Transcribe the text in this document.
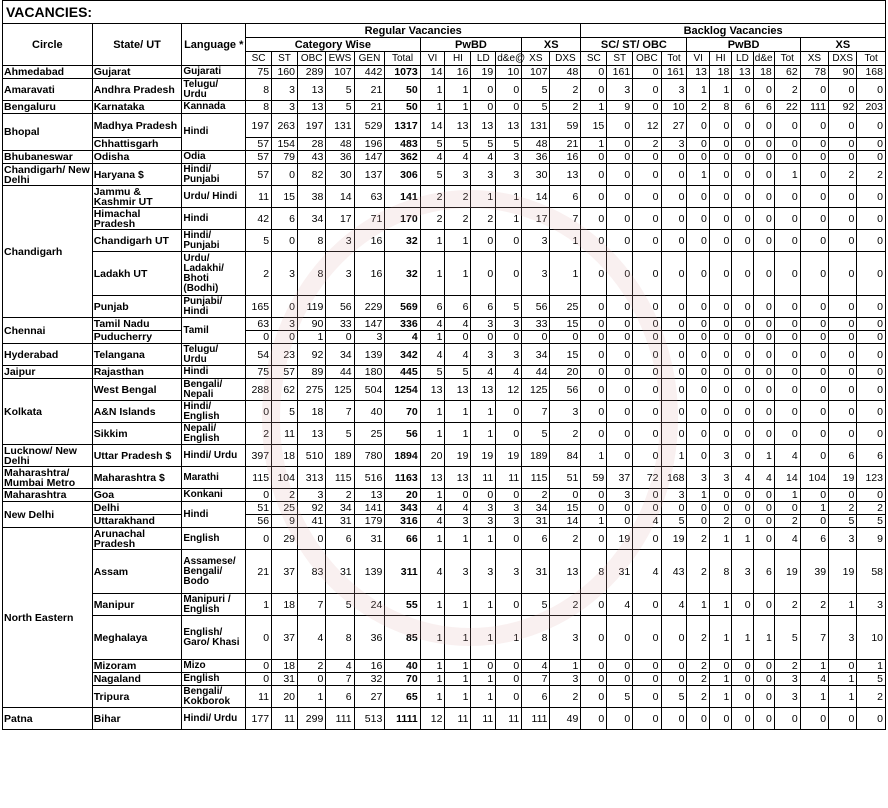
VACANCIES:
Circle	State/ UT	Language *	Regular Vacancies												Backlog Vacancies											
			Category Wise						PwBD				XS		SC/ ST/ OBC				PwBD					XS		
			SC	ST	OBC	EWS	GEN	Total	VI	HI	LD	d&e@	XS	DXS	SC	ST	OBC	Tot	VI	HI	LD	d&e	Tot	XS	DXS	Tot
Ahmedabad	Gujarat	Gujarati	75	160	289	107	442	1073	14	16	19	10	107	48	0	161	0	161	13	18	13	18	62	78	90	168
Amaravati	Andhra Pradesh	Telugu/ Urdu	8	3	13	5	21	50	1	1	0	0	5	2	0	3	0	3	1	1	0	0	2	0	0	0
Bengaluru	Karnataka	Kannada	8	3	13	5	21	50	1	1	0	0	5	2	1	9	0	10	2	8	6	6	22	111	92	203
Bhopal	Madhya Pradesh	Hindi	197	263	197	131	529	1317	14	13	13	13	131	59	15	0	12	27	0	0	0	0	0	0	0	0
	Chhattisgarh		57	154	28	48	196	483	5	5	5	5	48	21	1	0	2	3	0	0	0	0	0	0	0	0
Bhubaneswar	Odisha	Odia	57	79	43	36	147	362	4	4	4	3	36	16	0	0	0	0	0	0	0	0	0	0	0	0
Chandigarh/ New Delhi	Haryana $	Hindi/ Punjabi	57	0	82	30	137	306	5	3	3	3	30	13	0	0	0	0	1	0	0	0	1	0	2	2
Chandigarh	Jammu & Kashmir UT	Urdu/ Hindi	11	15	38	14	63	141	2	2	1	1	14	6	0	0	0	0	0	0	0	0	0	0	0	0
	Himachal Pradesh	Hindi	42	6	34	17	71	170	2	2	2	1	17	7	0	0	0	0	0	0	0	0	0	0	0	0
	Chandigarh UT	Hindi/ Punjabi	5	0	8	3	16	32	1	1	0	0	3	1	0	0	0	0	0	0	0	0	0	0	0	0
	Ladakh UT	Urdu/ Ladakhi/ Bhoti (Bodhi)	2	3	8	3	16	32	1	1	0	0	3	1	0	0	0	0	0	0	0	0	0	0	0	0
	Punjab	Punjabi/ Hindi	165	0	119	56	229	569	6	6	6	5	56	25	0	0	0	0	0	0	0	0	0	0	0	0
Chennai	Tamil Nadu	Tamil	63	3	90	33	147	336	4	4	3	3	33	15	0	0	0	0	0	0	0	0	0	0	0	0
	Puducherry		0	0	1	0	3	4	1	0	0	0	0	0	0	0	0	0	0	0	0	0	0	0	0	0
Hyderabad	Telangana	Telugu/ Urdu	54	23	92	34	139	342	4	4	3	3	34	15	0	0	0	0	0	0	0	0	0	0	0	0
Jaipur	Rajasthan	Hindi	75	57	89	44	180	445	5	5	4	4	44	20	0	0	0	0	0	0	0	0	0	0	0	0
Kolkata	West Bengal	Bengali/ Nepali	288	62	275	125	504	1254	13	13	13	12	125	56	0	0	0	0	0	0	0	0	0	0	0	0
	A&N Islands	Hindi/ English	0	5	18	7	40	70	1	1	1	0	7	3	0	0	0	0	0	0	0	0	0	0	0	0
	Sikkim	Nepali/ English	2	11	13	5	25	56	1	1	1	0	5	2	0	0	0	0	0	0	0	0	0	0	0	0
Lucknow/ New Delhi	Uttar Pradesh $	Hindi/ Urdu	397	18	510	189	780	1894	20	19	19	19	189	84	1	0	0	1	0	3	0	1	4	0	6	6
Maharashtra/ Mumbai Metro	Maharashtra $	Marathi	115	104	313	115	516	1163	13	13	11	11	115	51	59	37	72	168	3	3	4	4	14	104	19	123
Maharashtra	Goa	Konkani	0	2	3	2	13	20	1	0	0	0	2	0	0	3	0	3	1	0	0	0	1	0	0	0
New Delhi	Delhi	Hindi	51	25	92	34	141	343	4	4	3	3	34	15	0	0	0	0	0	0	0	0	0	1	2	2
	Uttarakhand		56	9	41	31	179	316	4	3	3	3	31	14	1	0	4	5	0	2	0	0	2	0	5	5
North Eastern	Arunachal Pradesh	English	0	29	0	6	31	66	1	1	1	0	6	2	0	19	0	19	2	1	1	0	4	6	3	9
	Assam	Assamese/ Bengali/ Bodo	21	37	83	31	139	311	4	3	3	3	31	13	8	31	4	43	2	8	3	6	19	39	19	58
	Manipur	Manipuri / English	1	18	7	5	24	55	1	1	1	0	5	2	0	4	0	4	1	1	0	0	2	2	1	3
	Meghalaya	English/ Garo/ Khasi	0	37	4	8	36	85	1	1	1	1	8	3	0	0	0	0	2	1	1	1	5	7	3	10
	Mizoram	Mizo	0	18	2	4	16	40	1	1	0	0	4	1	0	0	0	0	2	0	0	0	2	1	0	1
	Nagaland	English	0	31	0	7	32	70	1	1	1	0	7	3	0	0	0	0	2	1	0	0	3	4	1	5
	Tripura	Bengali/ Kokborok	11	20	1	6	27	65	1	1	1	0	6	2	0	5	0	5	2	1	0	0	3	1	1	2
Patna	Bihar	Hindi/ Urdu	177	11	299	111	513	1111	12	11	11	11	111	49	0	0	0	0	0	0	0	0	0	0	0	0
